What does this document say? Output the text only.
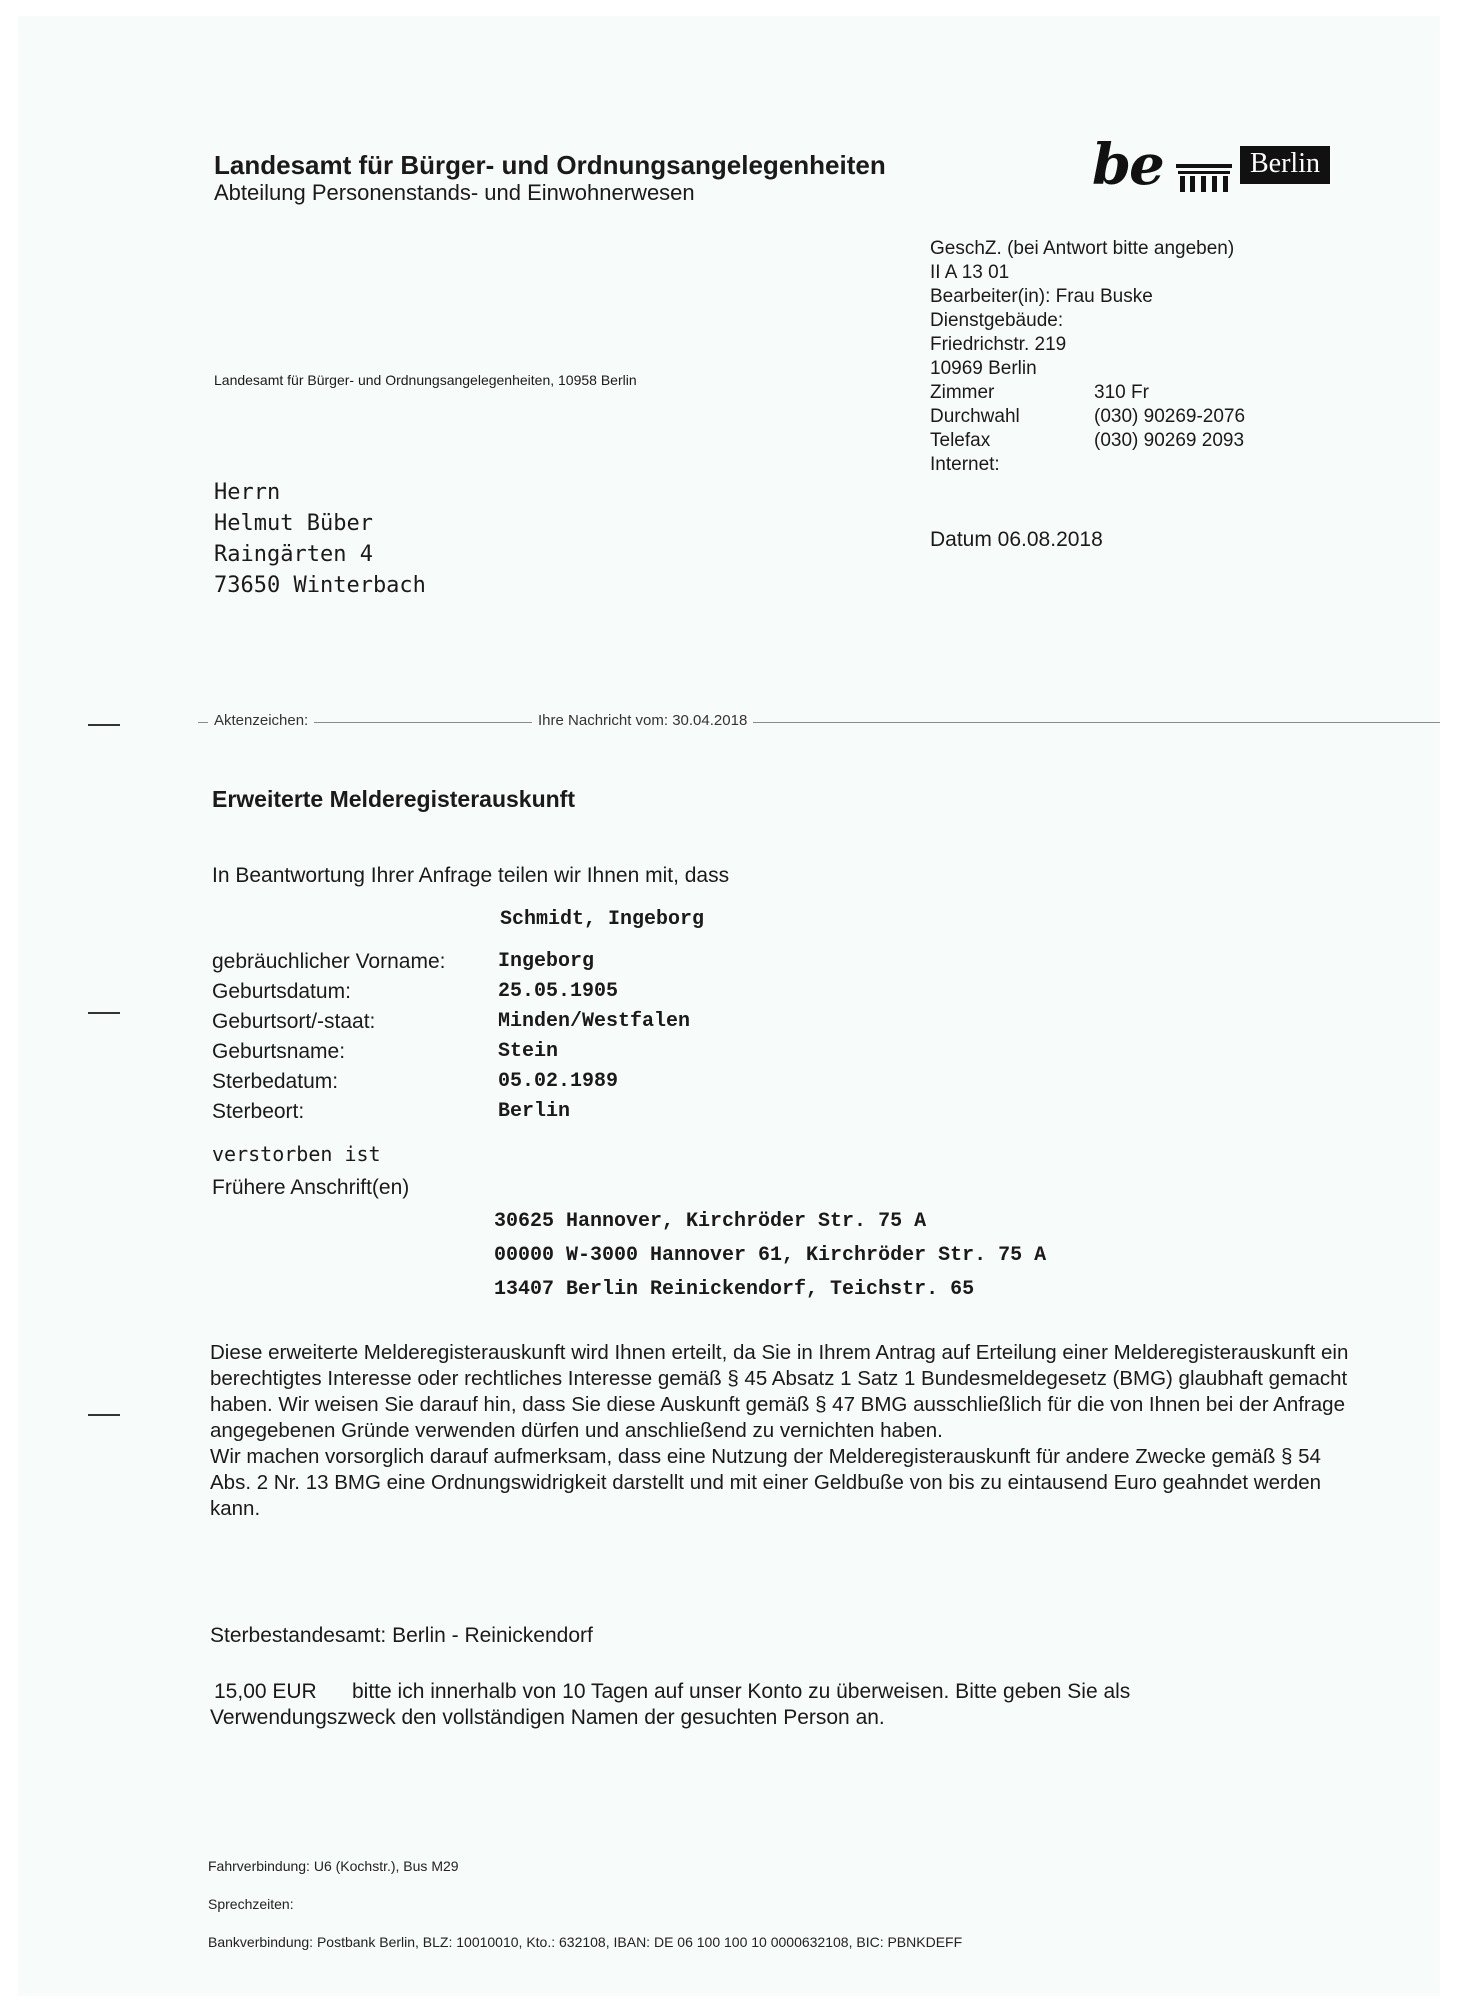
Landesamt für Bürger- und Ordnungsangelegenheiten
Abteilung Personenstands- und Einwohnerwesen	be	Berlin
Landesamt für Bürger- und Ordnungsangelegenheiten, 10958 Berlin
GeschZ. (bei Antwort bitte angeben)
II A 13 01
Bearbeiter(in): Frau Buske
Dienstgebäude:
Friedrichstr. 219
10969 Berlin
Zimmer	310 Fr
Durchwahl	(030) 90269-2076
Telefax	(030) 90269 2093
Internet:
Herrn
Helmut Büber
Raingärten 4
73650 Winterbach
Datum 06.08.2018
Aktenzeichen:	Ihre Nachricht vom: 30.04.2018
Erweiterte Melderegisterauskunft
In Beantwortung Ihrer Anfrage teilen wir Ihnen mit, dass
Schmidt, Ingeborg
gebräuchlicher Vorname:	Ingeborg
Geburtsdatum:	25.05.1905
Geburtsort/-staat:	Minden/Westfalen
Geburtsname:	Stein
Sterbedatum:	05.02.1989
Sterbeort:	Berlin
verstorben ist
Frühere Anschrift(en)
30625 Hannover, Kirchröder Str. 75 A
00000 W-3000 Hannover 61, Kirchröder Str. 75 A
13407 Berlin Reinickendorf, Teichstr. 65

Diese erweiterte Melderegisterauskunft wird Ihnen erteilt, da Sie in Ihrem Antrag auf Erteilung einer Melderegisterauskunft ein berechtigtes Interesse oder rechtliches Interesse gemäß § 45 Absatz 1 Satz 1 Bundesmeldegesetz (BMG) glaubhaft gemacht haben. Wir weisen Sie darauf hin, dass Sie diese Auskunft gemäß § 47 BMG ausschließlich für die von Ihnen bei der Anfrage angegebenen Gründe verwenden dürfen und anschließend zu vernichten haben.

Wir machen vorsorglich darauf aufmerksam, dass eine Nutzung der Melderegisterauskunft für andere Zwecke gemäß § 54 Abs. 2 Nr. 13 BMG eine Ordnungswidrigkeit darstellt und mit einer Geldbuße von bis zu eintausend Euro geahndet werden kann.

Sterbestandesamt: Berlin - Reinickendorf
15,00 EUR bitte ich innerhalb von 10 Tagen auf unser Konto zu überweisen. Bitte geben Sie als
Verwendungszweck den vollständigen Namen der gesuchten Person an.
Fahrverbindung: U6 (Kochstr.), Bus M29
Sprechzeiten:
Bankverbindung: Postbank Berlin, BLZ: 10010010, Kto.: 632108, IBAN: DE 06 100 100 10 0000632108, BIC: PBNKDEFF
